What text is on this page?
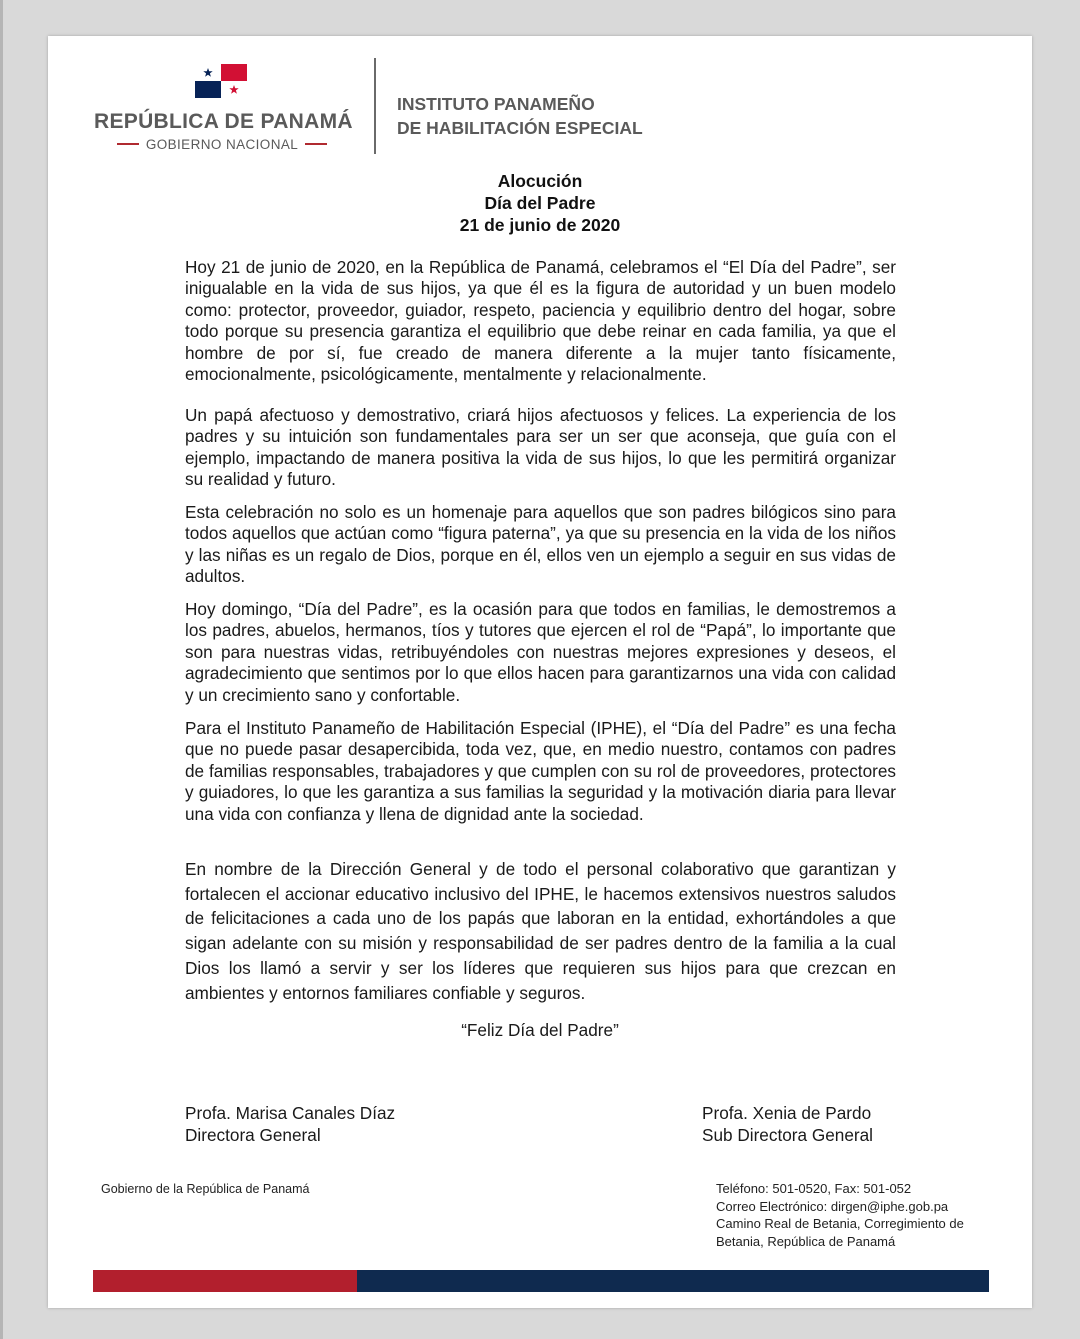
REPÚBLICA DE PANAMÁ
GOBIERNO NACIONAL
INSTITUTO PANAMEÑO
DE HABILITACIÓN ESPECIAL
Alocución
Día del Padre
21 de junio de 2020

Hoy 21 de junio de 2020, en la República de Panamá, celebramos el “El Día del Padre”, ser inigualable en la vida de sus hijos, ya que él es la figura de autoridad y un buen modelo como: protector, proveedor, guiador, respeto, paciencia y equilibrio dentro del hogar, sobre todo porque su presencia garantiza el equilibrio que debe reinar en cada familia, ya que el hombre de por sí, fue creado de manera diferente a la mujer tanto físicamente, emocionalmente, psicológicamente, mentalmente y relacionalmente.

Un papá afectuoso y demostrativo, criará hijos afectuosos y felices. La experiencia de los padres y su intuición son fundamentales para ser un ser que aconseja, que guía con el ejemplo, impactando de manera positiva la vida de sus hijos, lo que les permitirá organizar su realidad y futuro.

Esta celebración no solo es un homenaje para aquellos que son padres bilógicos sino para todos aquellos que actúan como “figura paterna”, ya que su presencia en la vida de los niños y las niñas es un regalo de Dios, porque en él, ellos ven un ejemplo a seguir en sus vidas de adultos.

Hoy domingo, “Día del Padre”, es la ocasión para que todos en familias, le demostremos a los padres, abuelos, hermanos, tíos y tutores que ejercen el rol de “Papá”, lo importante que son para nuestras vidas, retribuyéndoles con nuestras mejores expresiones y deseos, el agradecimiento que sentimos por lo que ellos hacen para garantizarnos una vida con calidad y un crecimiento sano y confortable.

Para el Instituto Panameño de Habilitación Especial (IPHE), el “Día del Padre” es una fecha que no puede pasar desapercibida, toda vez, que, en medio nuestro, contamos con padres de familias responsables, trabajadores y que cumplen con su rol de proveedores, protectores y guiadores, lo que les garantiza a sus familias la seguridad y la motivación diaria para llevar una vida con confianza y llena de dignidad ante la sociedad.

En nombre de la Dirección General y de todo el personal colaborativo que garantizan y fortalecen el accionar educativo inclusivo del IPHE, le hacemos extensivos nuestros saludos de felicitaciones a cada uno de los papás que laboran en la entidad, exhortándoles a que sigan adelante con su misión y responsabilidad de ser padres dentro de la familia a la cual Dios los llamó a servir y ser los líderes que requieren sus hijos para que crezcan en ambientes y entornos familiares confiable y seguros.

“Feliz Día del Padre”
Profa. Marisa Canales Díaz
Directora General
Profa. Xenia de Pardo
Sub Directora General
Gobierno de la República de Panamá	Teléfono: 501-0520, Fax: 501-052
Correo Electrónico: dirgen@iphe.gob.pa
Camino Real de Betania, Corregimiento de
Betania, República de Panamá
